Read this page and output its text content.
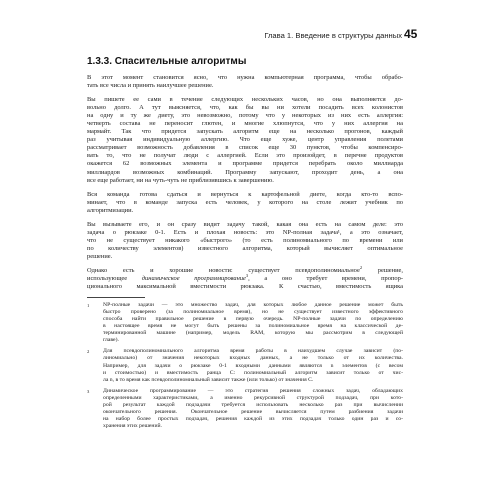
Глава 1. Введение в структуры данных 45
1.3.3. Спасительные алгоритмы

В этот момент становится ясно, что нужна компьютерная программа, чтобы обрабо-
тать все числа и принять наилучшее решение.

Вы пишете ее сами в течение следующих нескольких часов, но она выполняется до-
вольно долго. А тут выясняется, что, как бы вы ни хотели посадить всех колонистов
на одну и ту же диету, это невозможно, потому что у некоторых из них есть аллергия:
четверть состава не переносит глютен, и многие хлюпнутся, что у них аллергия на
мармайт. Так что придется запускать алгоритм еще на несколько прогонов, каждый
раз учитывая индивидуальную аллергию. Что еще хуже, центр управления полетами
рассматривает возможность добавления в список еще 30 пунктов, чтобы компенсиро-
вать то, что не получат люди с аллергией. Если это произойдет, в перечне продуктов
окажется 62 возможных элемента и программе придется перебрать около миллиарда
миллиардов возможных комбинаций. Программу запускают, проходит день, а она
все еще работает, ни на чуть-чуть не приблизившись к завершению.

Вся команда готова сдаться и вернуться к картофельной диете, когда кто-то вспо-
минает, что в команде запуска есть человек, у которого на столе лежит учебник по
алгоритмизации.

Вы вызываете его, и он сразу видит задачу такой, какая она есть на самом деле: это
задача о рюкзаке 0-1. Есть и плохая новость: это NP-полная задача¹, а это означает,
что не существует никакого «быстрого» (то есть полиномиального по времени или
по количеству элементов) известного алгоритма, который вычисляет оптимальное
решение.

Однако есть и хорошие новости: существует псевдополиномиальное$^2$ решение,
использующее динамическое программирование$^3$, а оно требует времени, пропор-
ционального максимальной вместимости рюкзака. К счастью, вместимость ящика

1	NP-полные задачи — это множество задач, для которых любое данное решение может быть
быстро проверено (за полиномиальное время), но не существует известного эффективного
способа найти правильное решение в первую очередь. NP-полные задачи по определению
в настоящее время не могут быть решены за полиномиальное время на классической де-
терминированной машине (например, модель RAM, которую мы рассмотрим в следующей
главе).
2	Для псевдополиномиального алгоритма время работы в наихудшем случае зависит (по-
линомиально) от значения некоторых входных данных, а не только от их количества.
Например, для задачи о рюкзаке 0-1 входными данными являются n элементов (с весом
и стоимостью) и вместимость ранца С: полиномиальный алгоритм зависит только от чис-
ла n, в то время как псевдополиномиальный зависит также (или только) от значения С.
3	Динамическое программирование — это стратегия решения сложных задач, обладающих
определенными характеристиками, а именно рекурсивной структурой подзадач, при кото-
рой результат каждой подзадачи требуется использовать несколько раз при вычислении
окончательного решения. Окончательное решение вычисляется путем разбиения задачи
на набор более простых подзадач, решения каждой из этих подзадач только один раз и со-
хранения этих решений.
